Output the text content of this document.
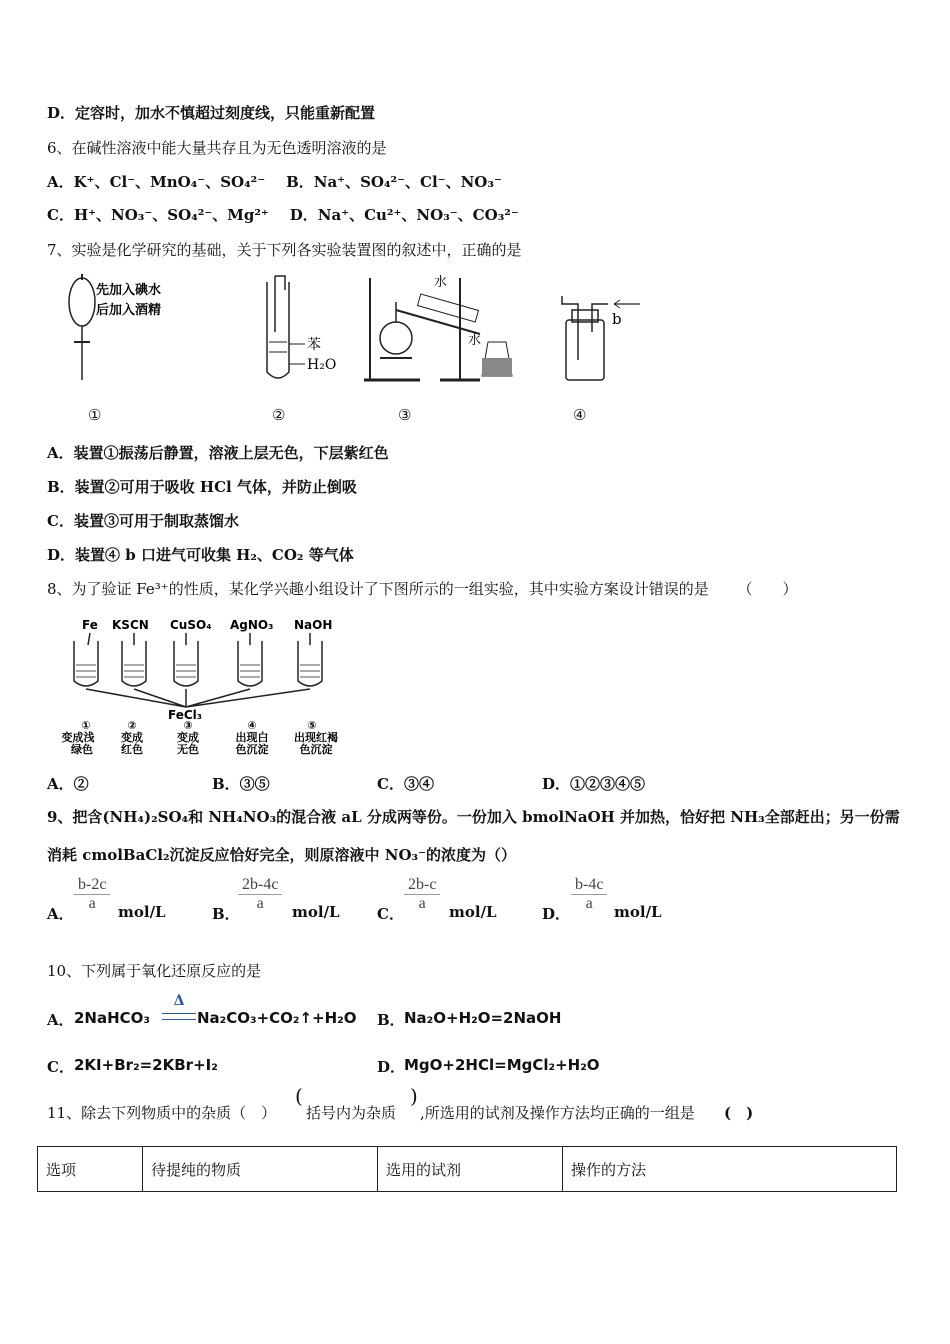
D．定容时，加水不慎超过刻度线，只能重新配置
6、在碱性溶液中能大量共存且为无色透明溶液的是
A．K⁺、Cl⁻、MnO₄⁻、SO₄²⁻ B．Na⁺、SO₄²⁻、Cl⁻、NO₃⁻
C．H⁺、NO₃⁻、SO₄²⁻、Mg²⁺ D．Na⁺、Cu²⁺、NO₃⁻、CO₃²⁻
7、实验是化学研究的基础，关于下列各实验装置图的叙述中，正确的是
先加入碘水
后加入酒精
苯
H₂O
水
水
b
①	②	③	④
A．装置①振荡后静置，溶液上层无色，下层紫红色
B．装置②可用于吸收 HCl 气体，并防止倒吸
C．装置③可用于制取蒸馏水
D．装置④ b 口进气可收集 H₂、CO₂ 等气体
8、为了验证 Fe³⁺的性质，某化学兴趣小组设计了下图所示的一组实验，其中实验方案设计错误的是 （　　）
Fe KSCN CuSO₄ AgNO₃ NaOH
FeCl₃
①
变成浅
绿色
②
变成
红色
③
变成
无色
④
出现白
色沉淀
⑤
出现红褐
色沉淀
A．②	B．③⑤	C．③④	D．①②③④⑤
9、把含(NH₄)₂SO₄和 NH₄NO₃的混合液 aL 分成两等份。一份加入 bmolNaOH 并加热，恰好把 NH₃全部赶出；另一份需
消耗 cmolBaCl₂沉淀反应恰好完全，则原溶液中 NO₃⁻的浓度为（）
A．
$\frac{b-2c}{a} mol/L$	B．
$\frac{2b-4c}{a} mol/L$ C．
$\frac{2b-c}{a} mol/L$	D．
$\frac{b-4c}{a} mol/L$
10、下列属于氧化还原反应的是
A． 2NaHCO₃
Δ
Na₂CO₃+CO₂↑+H₂O B． Na₂O+H₂O=2NaOH
C． 2KI+Br₂=2KBr+I₂	D．
MgO+2HCl=MgCl₂+H₂O
11、除去下列物质中的杂质（　）
(
括号内为杂质
)
,所选用的试剂及操作方法均正确的一组是 (　)
选项	待提纯的物质	选用的试剂	操作的方法
